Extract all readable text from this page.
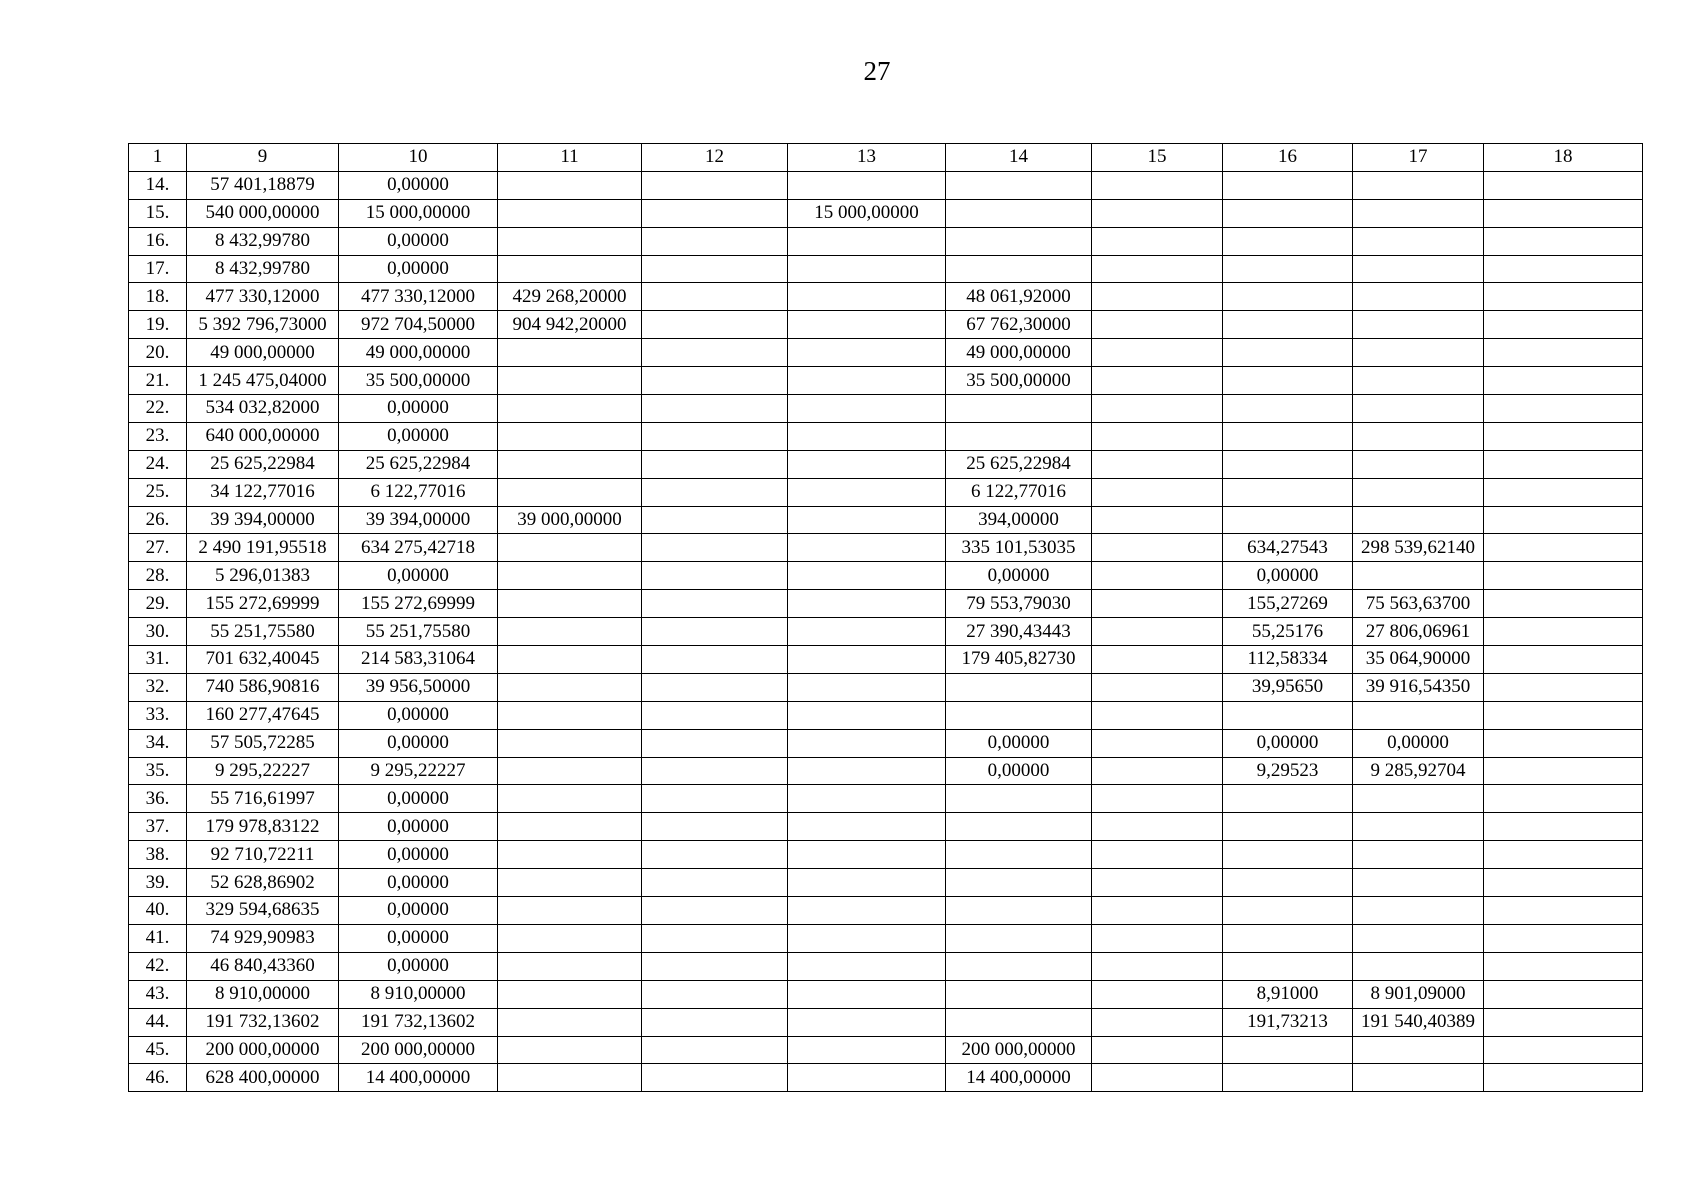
27
1	9	10	11	12	13	14	15	16	17	18
14.	57 401,18879	0,00000								
15.	540 000,00000	15 000,00000			15 000,00000					
16.	8 432,99780	0,00000								
17.	8 432,99780	0,00000								
18.	477 330,12000	477 330,12000	429 268,20000			48 061,92000				
19.	5 392 796,73000	972 704,50000	904 942,20000			67 762,30000				
20.	49 000,00000	49 000,00000				49 000,00000				
21.	1 245 475,04000	35 500,00000				35 500,00000				
22.	534 032,82000	0,00000								
23.	640 000,00000	0,00000								
24.	25 625,22984	25 625,22984				25 625,22984				
25.	34 122,77016	6 122,77016				6 122,77016				
26.	39 394,00000	39 394,00000	39 000,00000			394,00000				
27.	2 490 191,95518	634 275,42718				335 101,53035		634,27543	298 539,62140	
28.	5 296,01383	0,00000				0,00000		0,00000		
29.	155 272,69999	155 272,69999				79 553,79030		155,27269	75 563,63700	
30.	55 251,75580	55 251,75580				27 390,43443		55,25176	27 806,06961	
31.	701 632,40045	214 583,31064				179 405,82730		112,58334	35 064,90000	
32.	740 586,90816	39 956,50000						39,95650	39 916,54350	
33.	160 277,47645	0,00000								
34.	57 505,72285	0,00000				0,00000		0,00000	0,00000	
35.	9 295,22227	9 295,22227				0,00000		9,29523	9 285,92704	
36.	55 716,61997	0,00000								
37.	179 978,83122	0,00000								
38.	92 710,72211	0,00000								
39.	52 628,86902	0,00000								
40.	329 594,68635	0,00000								
41.	74 929,90983	0,00000								
42.	46 840,43360	0,00000								
43.	8 910,00000	8 910,00000						8,91000	8 901,09000	
44.	191 732,13602	191 732,13602						191,73213	191 540,40389	
45.	200 000,00000	200 000,00000				200 000,00000				
46.	628 400,00000	14 400,00000				14 400,00000				
